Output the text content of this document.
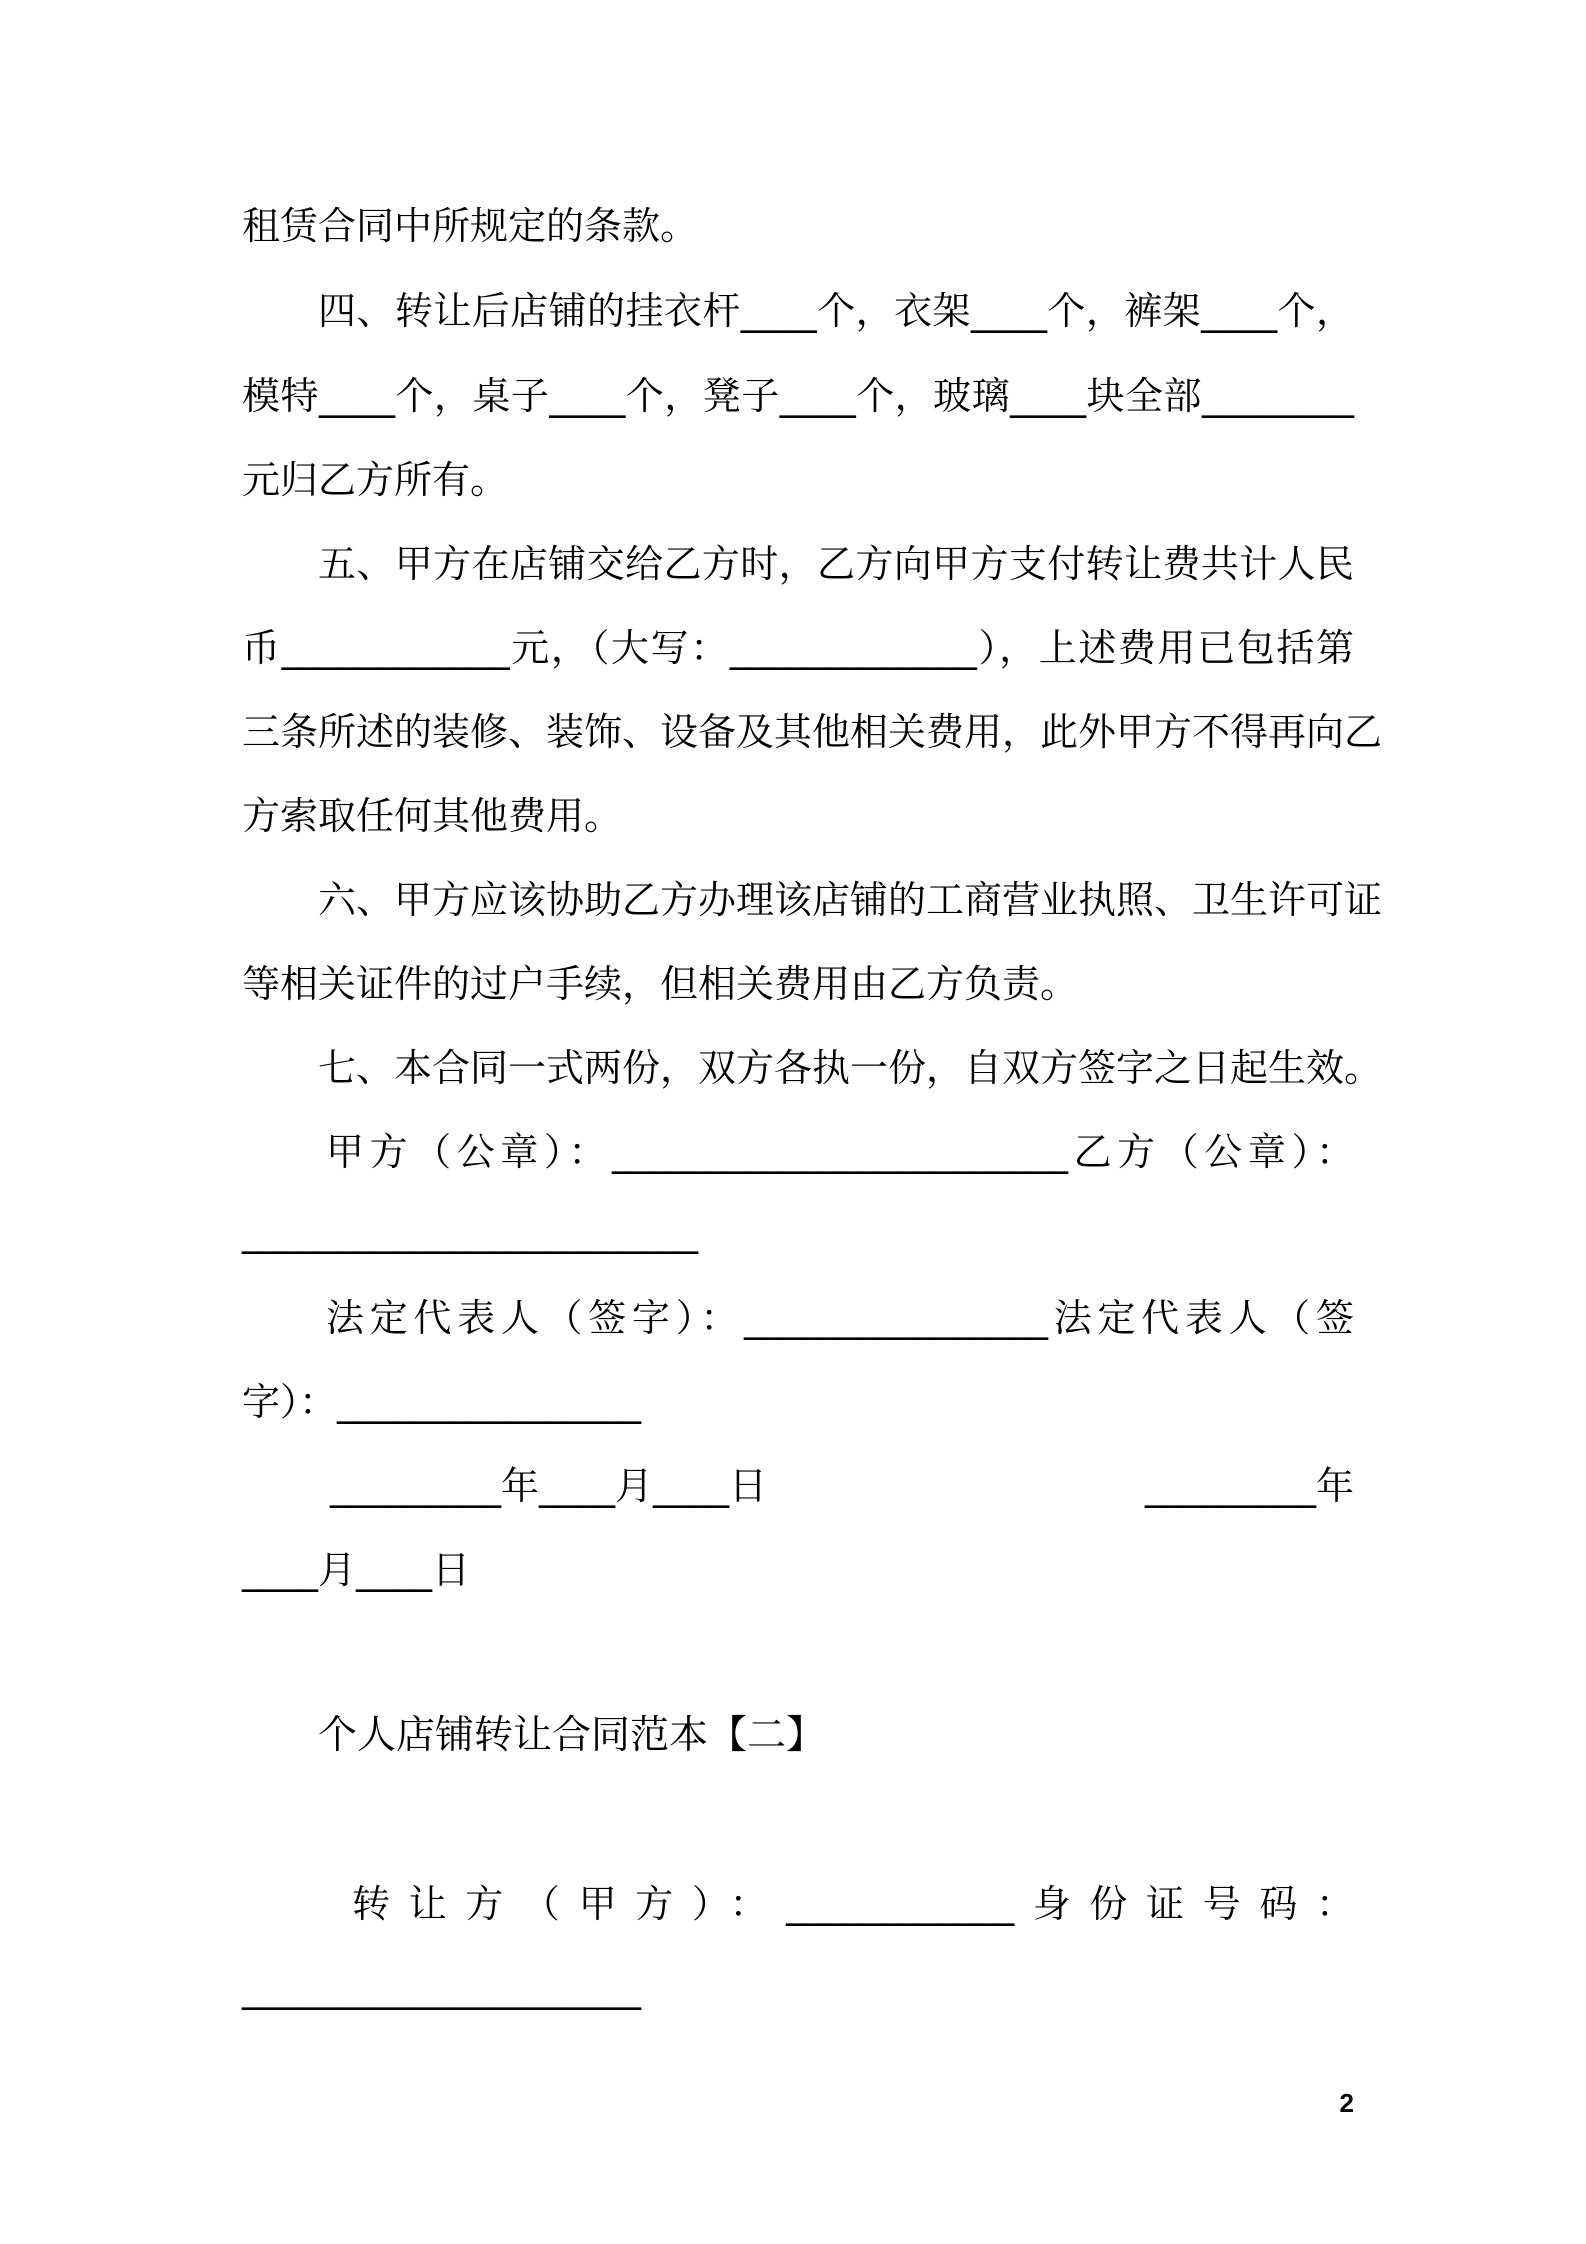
租赁合同中所规定的条款。
四、转让后店铺的挂衣杆____个，衣架____个，裤架____个，
模特____个，桌子____个，凳子____个，玻璃____块全部________
元归乙方所有。
五、甲方在店铺交给乙方时，乙方向甲方支付转让费共计人民
币____________元，（大写：_____________），上述费用已包括第
三条所述的装修、装饰、设备及其他相关费用，此外甲方不得再向乙
方索取任何其他费用。
六、甲方应该协助乙方办理该店铺的工商营业执照、卫生许可证
等相关证件的过户手续，但相关费用由乙方负责。
七、本合同一式两份，双方各执一份，自双方签字之日起生效。
甲方（公章）：________________________乙方（公章）：
________________________
法定代表人（签字）：________________法定代表人（签
字）：________________
_________年____月____日	_________年
____月____日
个人店铺转让合同范本【二】
转让方（甲方）：____________身份证号码：
_____________________
2
